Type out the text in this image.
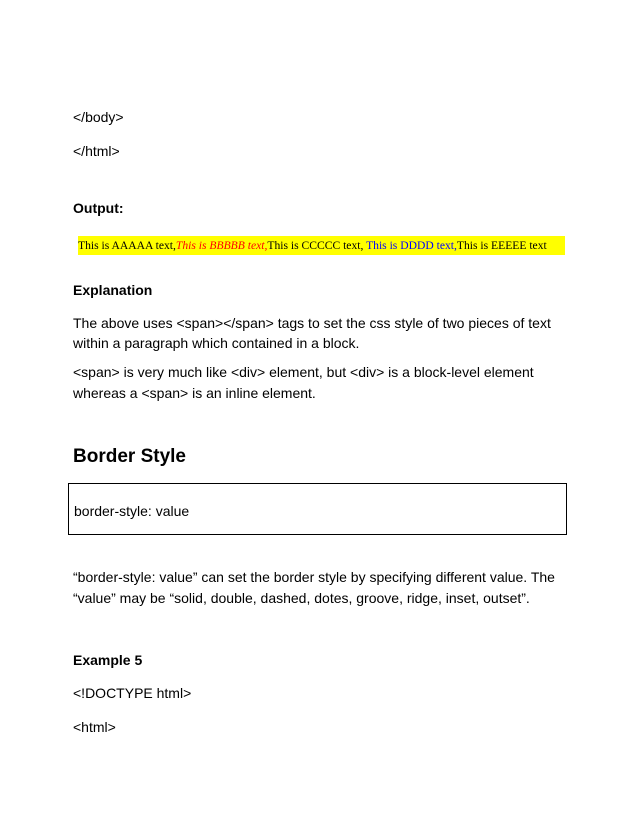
</body>

</html>

Output:

This is AAAAA text,This is BBBBB text,This is CCCCC text, This is DDDD text,This is EEEEE text

Explanation

The above uses <span></span> tags to set the css style of two pieces of text

within a paragraph which contained in a block.

<span> is very much like <div> element, but <div> is a block-level element

whereas a <span> is an inline element.

Border Style
border-style: value

“border-style: value” can set the border style by specifying different value. The

“value” may be “solid, double, dashed, dotes, groove, ridge, inset, outset”.

Example 5

<!DOCTYPE html>

<html>
